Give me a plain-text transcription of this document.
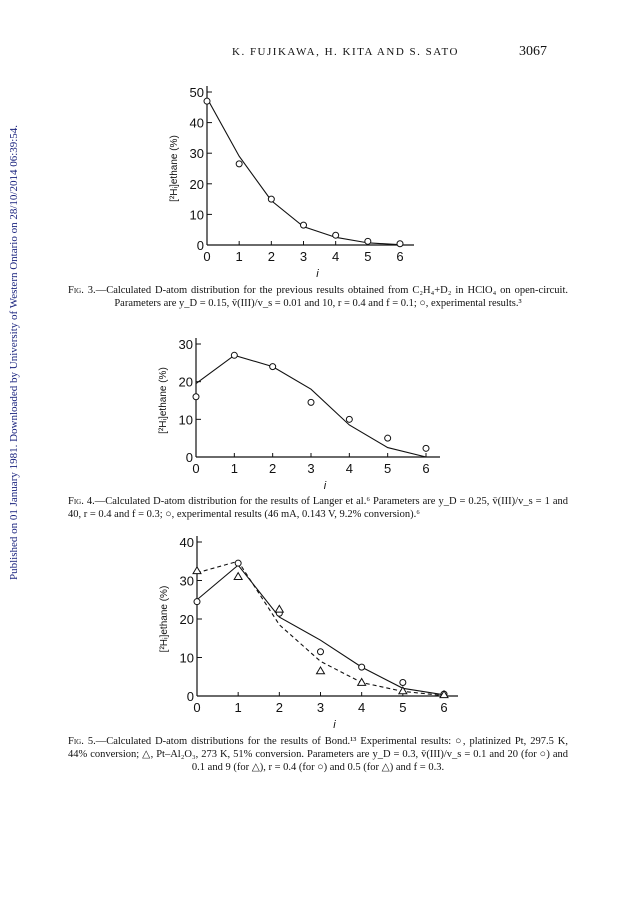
K. FUJIKAWA, H. KITA AND S. SATO	3067
Published on 01 January 1981. Downloaded by University of Western Ontario on 28/10/2014 06:39:54.	0
10
20
30
40
50
0 1 2 3 4 5 6
i
[²Hᵢ]ethane (%)
Fig. 3.—Calculated D-atom distribution for the previous results obtained from C₂H₄+D₂ in HClO₄ on open-circuit. Parameters are y_D = 0.15, v̄(III)/v_s = 0.01 and 10, r = 0.4 and f = 0.1; ○, experimental results.³
0
10
20
30
0 1 2 3 4 5 6
i
[²Hᵢ]ethane (%)
Fig. 4.—Calculated D-atom distribution for the results of Langer et al.⁶ Parameters are y_D = 0.25, v̄(III)/v_s = 1 and 40, r = 0.4 and f = 0.3; ○, experimental results (46 mA, 0.143 V, 9.2% conversion).⁶
0
10
20
30
40
0	1	2	3	4	5	6
i
[²Hᵢ]ethane (%)
Fig. 5.—Calculated D-atom distributions for the results of Bond.¹³ Experimental results: ○, platinized Pt, 297.5 K, 44% conversion; △, Pt–Al₂O₃, 273 K, 51% conversion. Parameters are y_D = 0.3, v̄(III)/v_s = 0.1 and 20 (for ○) and 0.1 and 9 (for △), r = 0.4 (for ○) and 0.5 (for △) and f = 0.3.
